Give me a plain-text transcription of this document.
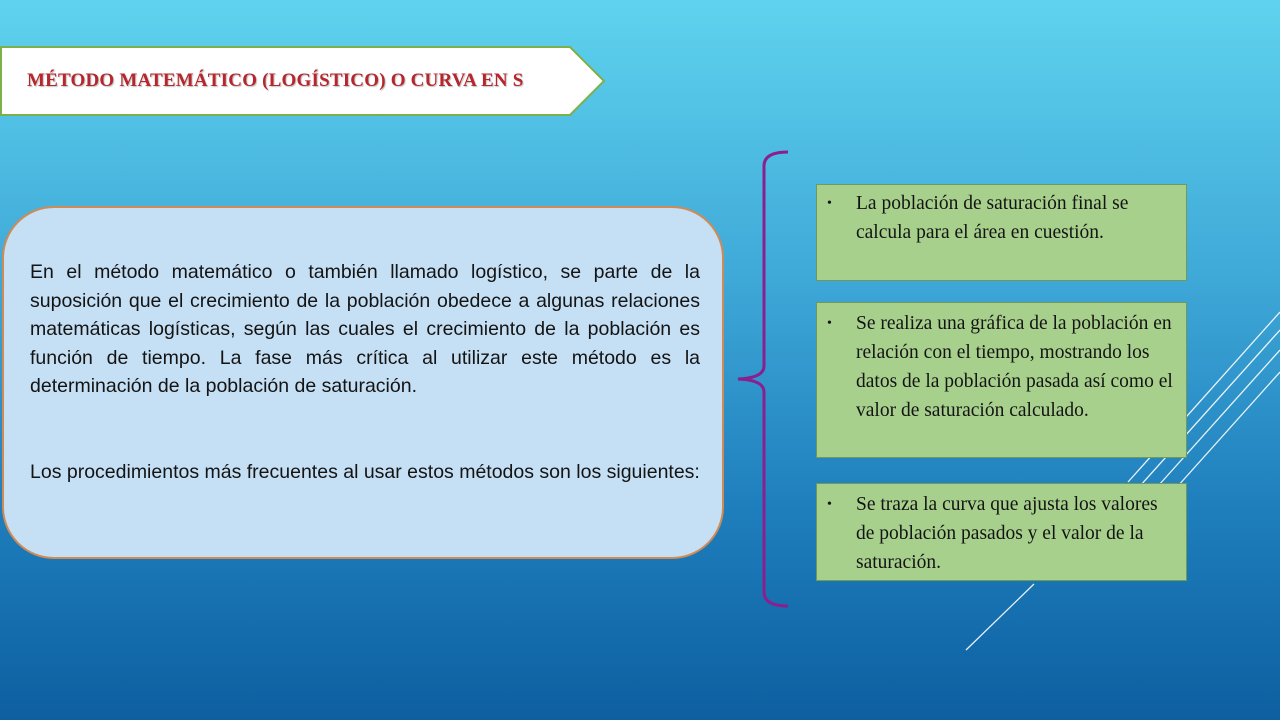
MÉTODO MATEMÁTICO (LOGÍSTICO) O CURVA EN S

En el método matemático o también llamado logístico, se parte de la suposición que el crecimiento de la población obedece a algunas relaciones matemáticas logísticas, según las cuales el crecimiento de la población es función de tiempo. La fase más crítica al utilizar este método es la determinación de la población de saturación.

Los procedimientos más frecuentes al usar estos métodos son los siguientes:

• La población de saturación final se calcula para el área en cuestión.
• Se realiza una gráfica de la población en relación con el tiempo, mostrando los datos de la población pasada así como el valor de saturación calculado.
• Se traza la curva que ajusta los valores de población pasados y el valor de la saturación.
